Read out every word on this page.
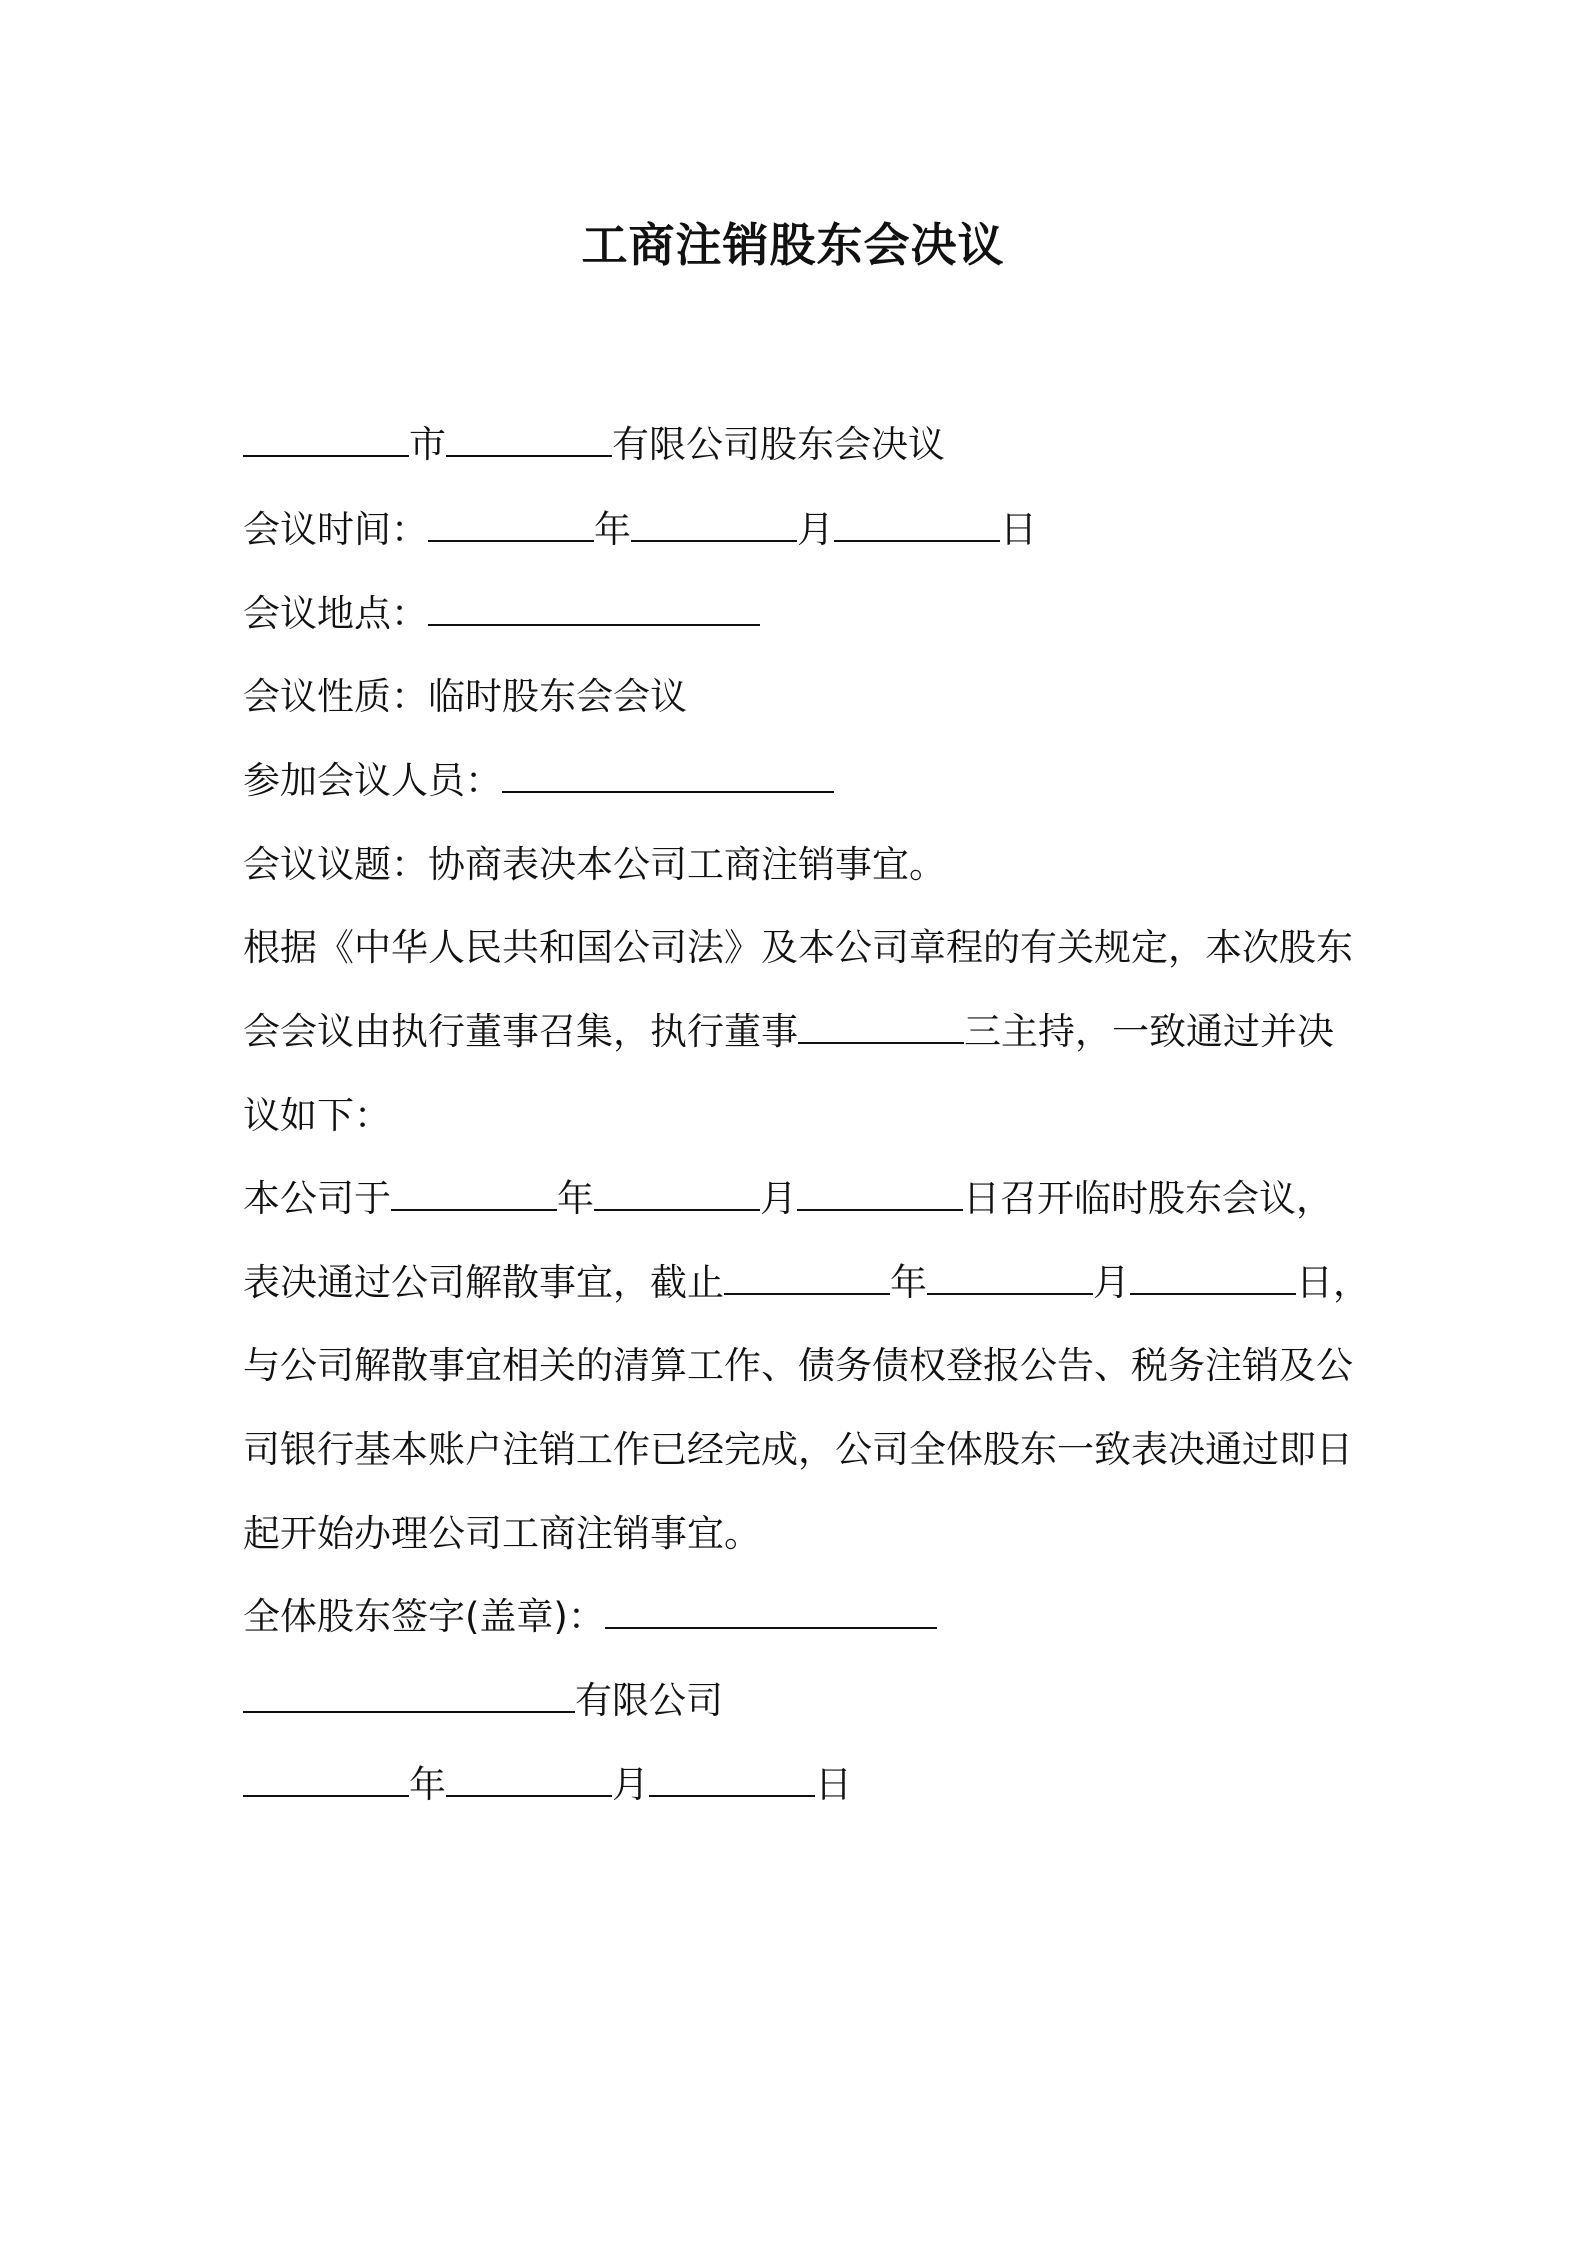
工商注销股东会决议
市	有限公司股东会决议
会议时间：	年	月	日
会议地点：
会议性质：临时股东会会议
参加会议人员：
会议议题：协商表决本公司工商注销事宜。
根据《中华人民共和国公司法》及本公司章程的有关规定，本次股东
会会议由执行董事召集，执行董事	三主持，一致通过并决
议如下：
本公司于	年	月	日召开临时股东会议，
表决通过公司解散事宜，截止	年	月	日，
与公司解散事宜相关的清算工作、债务债权登报公告、税务注销及公
司银行基本账户注销工作已经完成，公司全体股东一致表决通过即日
起开始办理公司工商注销事宜。
全体股东签字(盖章)：
有限公司
年	月	日
